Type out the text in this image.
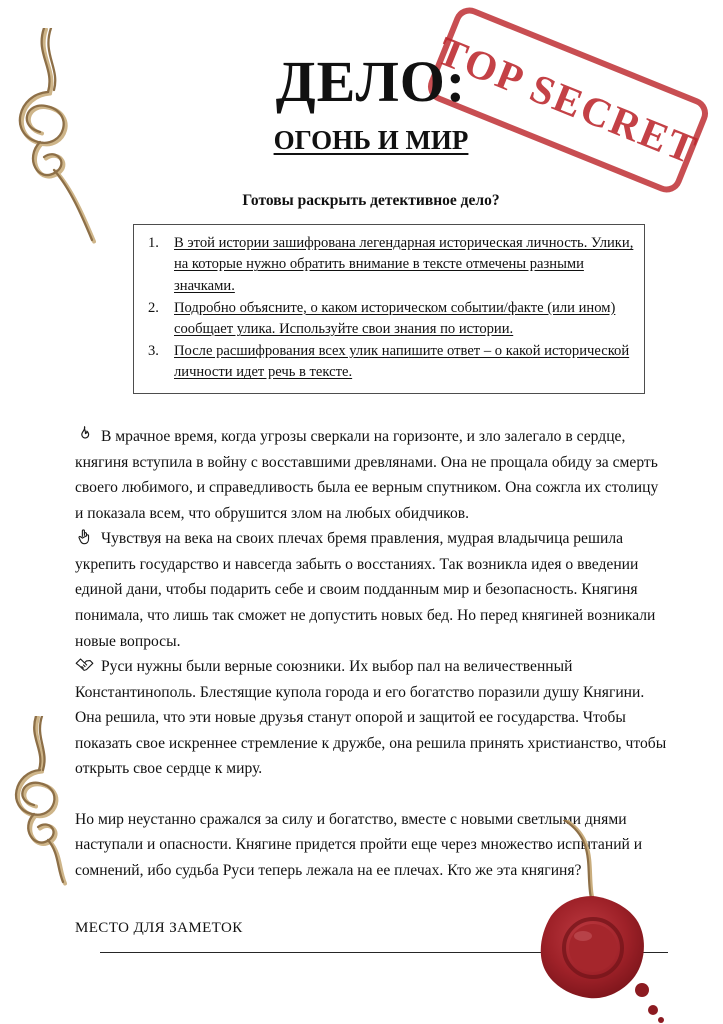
TOP SECRET
ДЕЛО:
ОГОНЬ И МИР

Готовы раскрыть детективное дело?

1.	В этой истории зашифрована легендарная историческая личность. Улики, на которые нужно обратить внимание в тексте отмечены разными значками.
2.	Подробно объясните, о каком историческом событии/факте (или ином) сообщает улика. Используйте свои знания по истории.
3.	После расшифрования всех улик напишите ответ – о какой исторической личности идет речь в тексте.

В мрачное время, когда угрозы сверкали на горизонте, и зло залегало в сердце, княгиня вступила в войну с восставшими древлянами. Она не прощала обиду за смерть своего любимого, и справедливость была ее верным спутником. Она сожгла их столицу и показала всем, что обрушится злом на любых обидчиков.

Чувствуя на века на своих плечах бремя правления, мудрая владычица решила укрепить государство и навсегда забыть о восстаниях. Так возникла идея о введении единой дани, чтобы подарить себе и своим подданным мир и безопасность. Княгиня понимала, что лишь так сможет не допустить новых бед. Но перед княгиней возникали новые вопросы.

Руси нужны были верные союзники. Их выбор пал на величественный Константинополь. Блестящие купола города и его богатство поразили душу Княгини. Она решила, что эти новые друзья станут опорой и защитой ее государства. Чтобы показать свое искреннее стремление к дружбе, она решила принять христианство, чтобы открыть свое сердце к миру.

Но мир неустанно сражался за силу и богатство, вместе с новыми светлыми днями наступали и опасности. Княгине придется пройти еще через множество испытаний и сомнений, ибо судьба Руси теперь лежала на ее плечах. Кто же эта княгиня?

МЕСТО ДЛЯ ЗАМЕТОК
